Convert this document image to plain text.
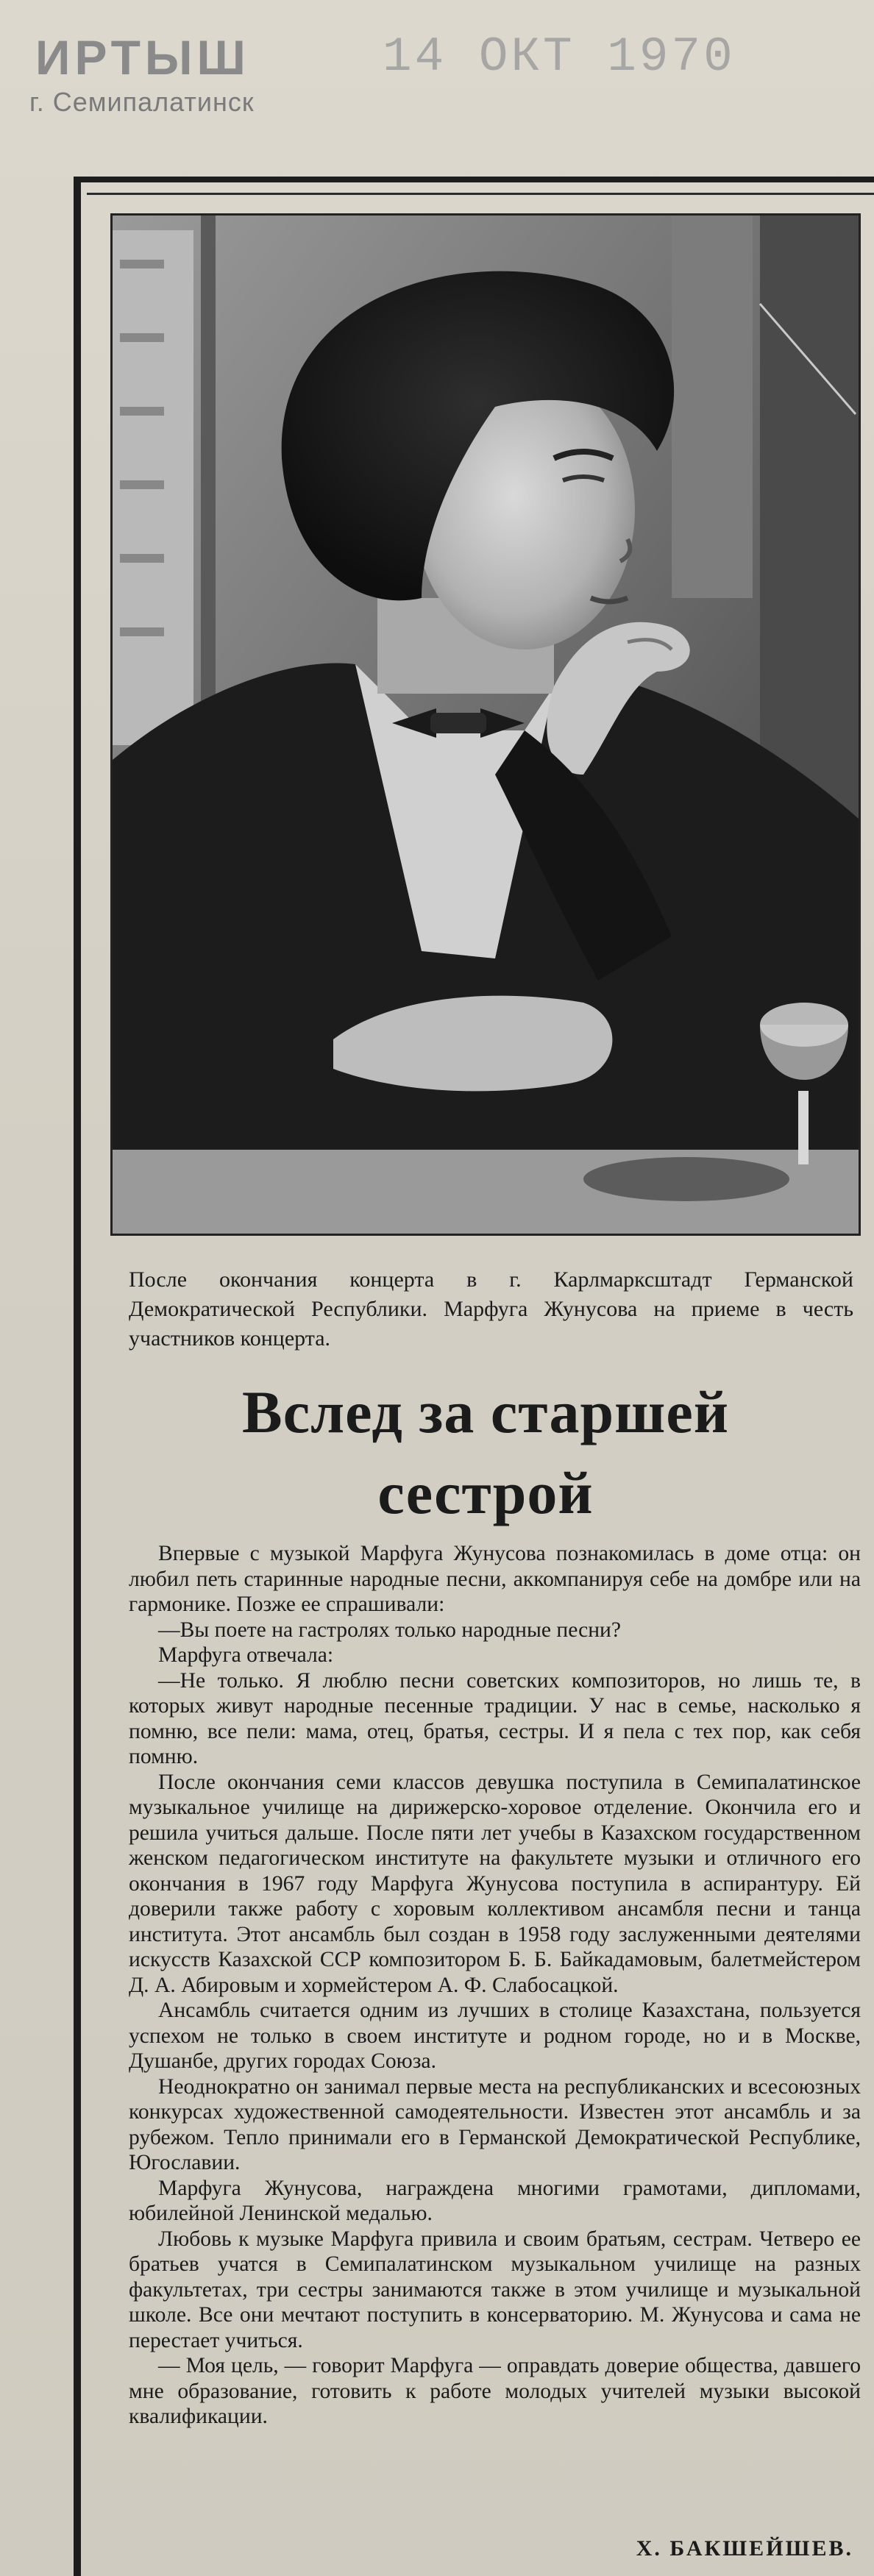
ИРТЫШ
г. Семипалатинск
14 ОКТ 1970
После окончания концерта в г. Карлмарксштадт Германской Демократической Республики. Марфуга Жунусова на приеме в честь участников концерта.
Вслед за старшей
сестрой

Впервые с музыкой Марфуга Жунусова познакомилась в доме отца: он любил петь старинные народные песни, аккомпанируя себе на домбре или на гармонике. Позже ее спрашивали:

—Вы поете на гастролях только народные песни?

Марфуга отвечала:

—Не только. Я люблю песни советских композиторов, но лишь те, в которых живут народные песенные традиции. У нас в семье, насколько я помню, все пели: мама, отец, братья, сестры. И я пела с тех пор, как себя помню.

После окончания семи классов девушка поступила в Семипалатинское музыкальное училище на дирижерско-хоровое отделение. Окончила его и решила учиться дальше. После пяти лет учебы в Казахском государственном женском педагогическом институте на факультете музыки и отличного его окончания в 1967 году Марфуга Жунусова поступила в аспирантуру. Ей доверили также работу с хоровым коллективом ансамбля песни и танца института. Этот ансамбль был создан в 1958 году заслуженными деятелями искусств Казахской ССР композитором Б. Б. Байкадамовым, балетмейстером Д. А. Абировым и хормейстером А. Ф. Слабосацкой.

Ансамбль считается одним из лучших в столице Казахстана, пользуется успехом не только в своем институте и родном городе, но и в Москве, Душанбе, других городах Союза.

Неоднократно он занимал первые места на республиканских и всесоюзных конкурсах художественной самодеятельности. Известен этот ансамбль и за рубежом. Тепло принимали его в Германской Демократической Республике, Югославии.

Марфуга Жунусова, награждена многими грамотами, дипломами, юбилейной Ленинской медалью.

Любовь к музыке Марфуга привила и своим братьям, сестрам. Четверо ее братьев учатся в Семипалатинском музыкальном училище на разных факультетах, три сестры занимаются также в этом училище и музыкальной школе. Все они мечтают поступить в консерваторию. М. Жунусова и сама не перестает учиться.

— Моя цель, — говорит Марфуга — оправдать доверие общества, давшего мне образование, готовить к работе молодых учителей музыки высокой квалификации.

Х. БАКШЕЙШЕВ.
